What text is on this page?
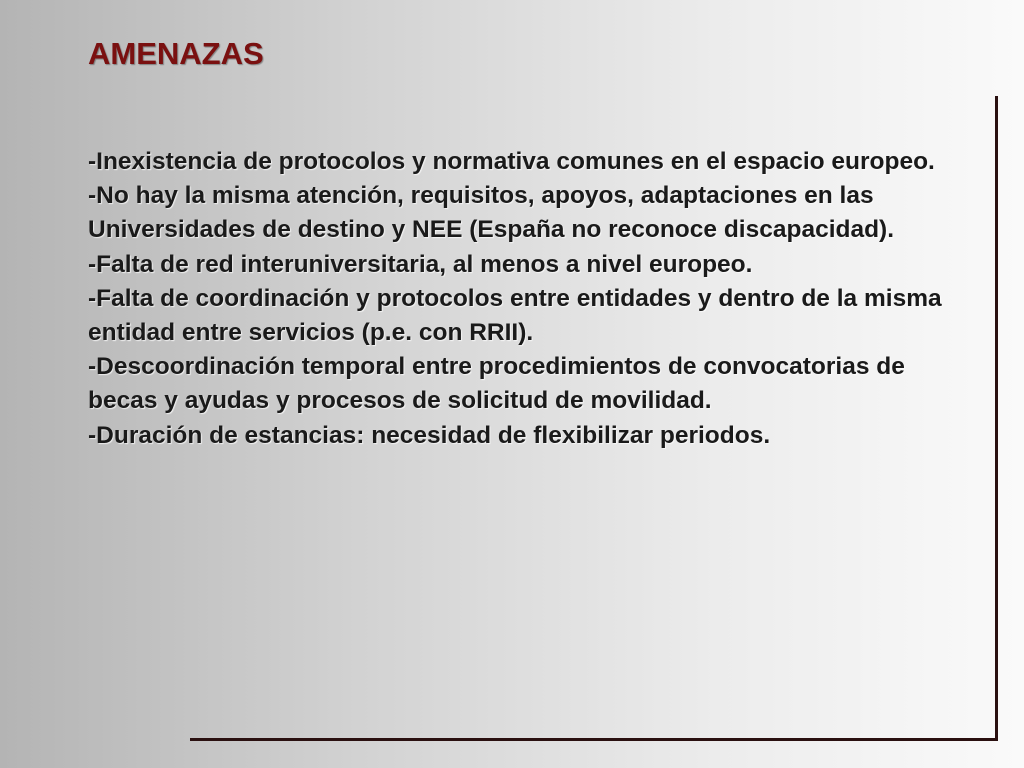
AMENAZAS
-Inexistencia de protocolos y normativa comunes en el espacio europeo.
-No hay la misma atención, requisitos, apoyos, adaptaciones en las Universidades de destino y NEE (España no reconoce discapacidad).
-Falta de red interuniversitaria, al menos a nivel europeo.
-Falta de coordinación y protocolos entre entidades y dentro de la misma entidad entre servicios (p.e. con RRII).
-Descoordinación temporal entre procedimientos de convocatorias de becas y ayudas y procesos de solicitud de movilidad.
-Duración de estancias: necesidad de flexibilizar periodos.
